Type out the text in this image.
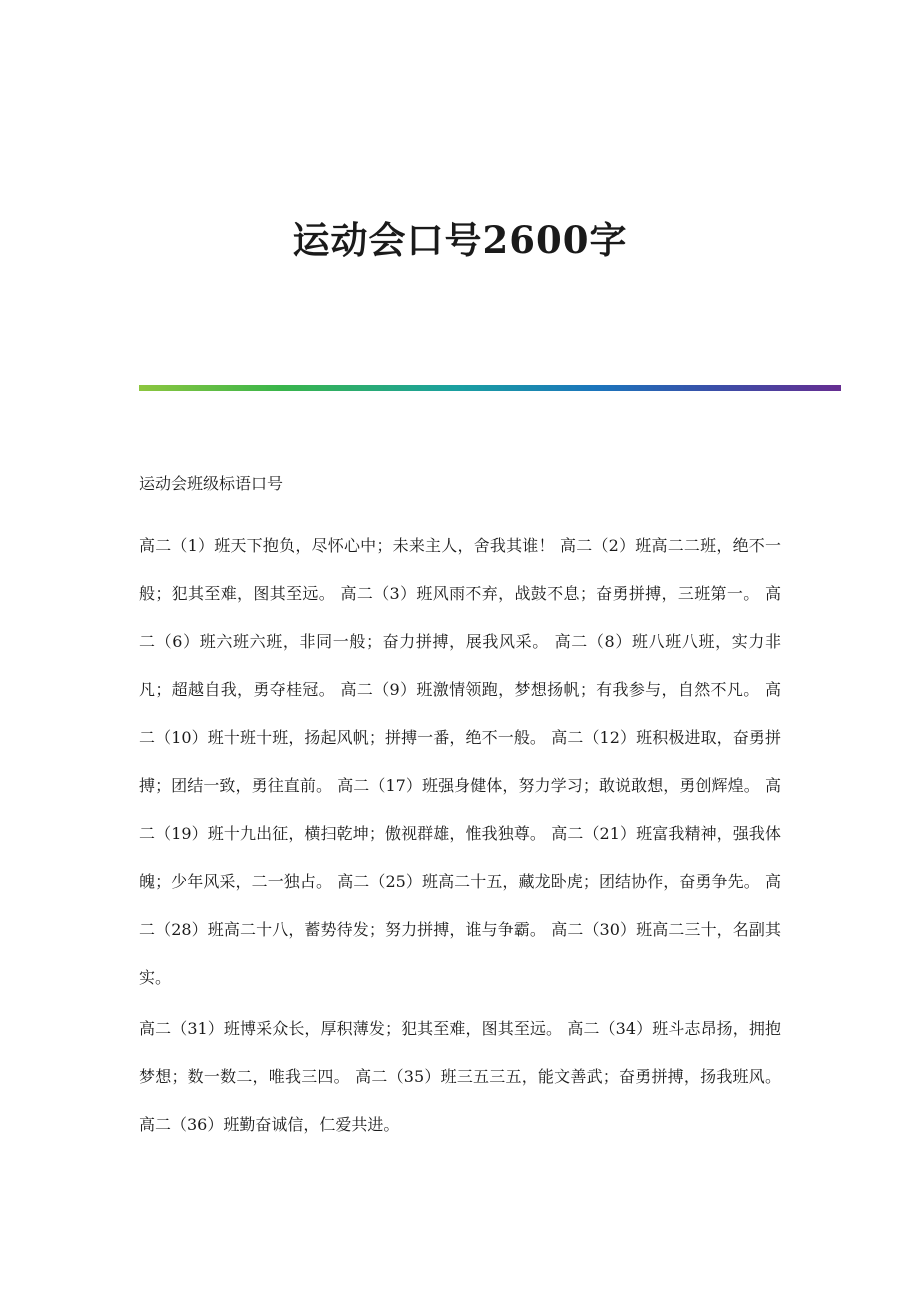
运动会口号2600字

运动会班级标语口号

高二（1）班天下抱负，尽怀心中；未来主人，舍我其谁！ 高二（2）班高二二班，绝不一般；犯其至难，图其至远。 高二（3）班风雨不弃，战鼓不息；奋勇拼搏，三班第一。 高二（6）班六班六班，非同一般；奋力拼搏，展我风采。 高二（8）班八班八班，实力非凡；超越自我，勇夺桂冠。 高二（9）班激情领跑，梦想扬帆；有我参与，自然不凡。 高二（10）班十班十班，扬起风帆；拼搏一番，绝不一般。 高二（12）班积极进取，奋勇拼搏；团结一致，勇往直前。 高二（17）班强身健体，努力学习；敢说敢想，勇创辉煌。 高二（19）班十九出征，横扫乾坤；傲视群雄，惟我独尊。 高二（21）班富我精神，强我体魄；少年风采，二一独占。 高二（25）班高二十五，藏龙卧虎；团结协作，奋勇争先。 高二（28）班高二十八，蓄势待发；努力拼搏，谁与争霸。 高二（30）班高二三十，名副其实。

高二（31）班博采众长，厚积薄发；犯其至难，图其至远。 高二（34）班斗志昂扬，拥抱梦想；数一数二，唯我三四。 高二（35）班三五三五，能文善武；奋勇拼搏，扬我班风。 高二（36）班勤奋诚信，仁爱共进。
